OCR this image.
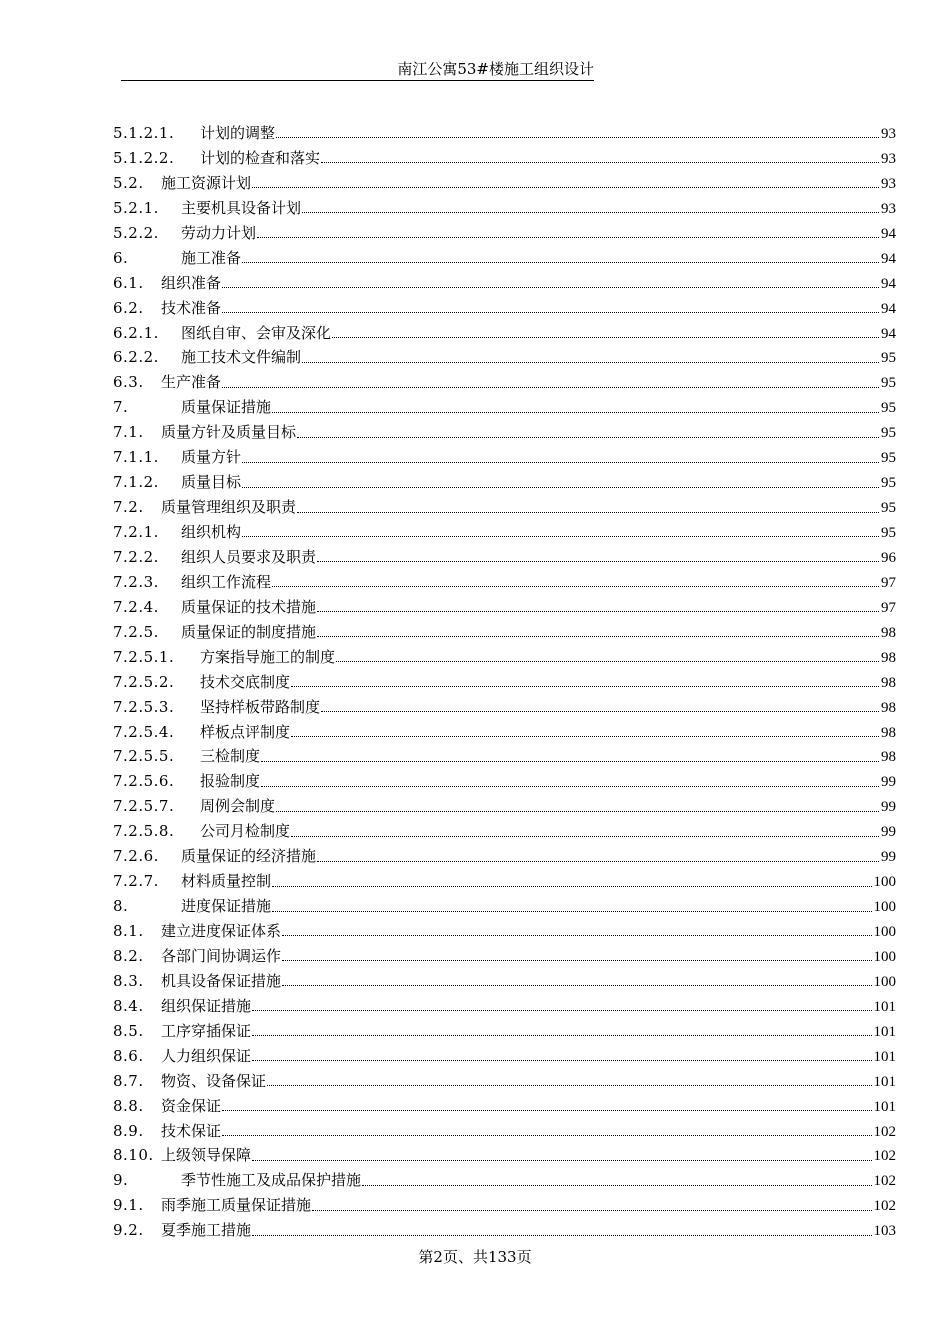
南江公寓53#楼施工组织设计
5.1.2.1.	计划的调整	93
5.1.2.2.	计划的检查和落实	93
5.2.	施工资源计划	93
5.2.1.	主要机具设备计划	93
5.2.2.	劳动力计划	94
6.	施工准备	94
6.1.	组织准备	94
6.2.	技术准备	94
6.2.1.	图纸自审、会审及深化	94
6.2.2.	施工技术文件编制	95
6.3.	生产准备	95
7.	质量保证措施	95
7.1.	质量方针及质量目标	95
7.1.1.	质量方针	95
7.1.2.	质量目标	95
7.2.	质量管理组织及职责	95
7.2.1.	组织机构	95
7.2.2.	组织人员要求及职责	96
7.2.3.	组织工作流程	97
7.2.4.	质量保证的技术措施	97
7.2.5.	质量保证的制度措施	98
7.2.5.1.	方案指导施工的制度	98
7.2.5.2.	技术交底制度	98
7.2.5.3.	坚持样板带路制度	98
7.2.5.4.	样板点评制度	98
7.2.5.5.	三检制度	98
7.2.5.6.	报验制度	99
7.2.5.7.	周例会制度	99
7.2.5.8.	公司月检制度	99
7.2.6.	质量保证的经济措施	99
7.2.7.	材料质量控制	100
8.	进度保证措施	100
8.1.	建立进度保证体系	100
8.2.	各部门间协调运作	100
8.3.	机具设备保证措施	100
8.4.	组织保证措施	101
8.5.	工序穿插保证	101
8.6.	人力组织保证	101
8.7.	物资、设备保证	101
8.8.	资金保证	101
8.9.	技术保证	102
8.10. 上级领导保障	102
9.	季节性施工及成品保护措施	102
9.1.	雨季施工质量保证措施	102
9.2.	夏季施工措施	103
第2页、共133页
